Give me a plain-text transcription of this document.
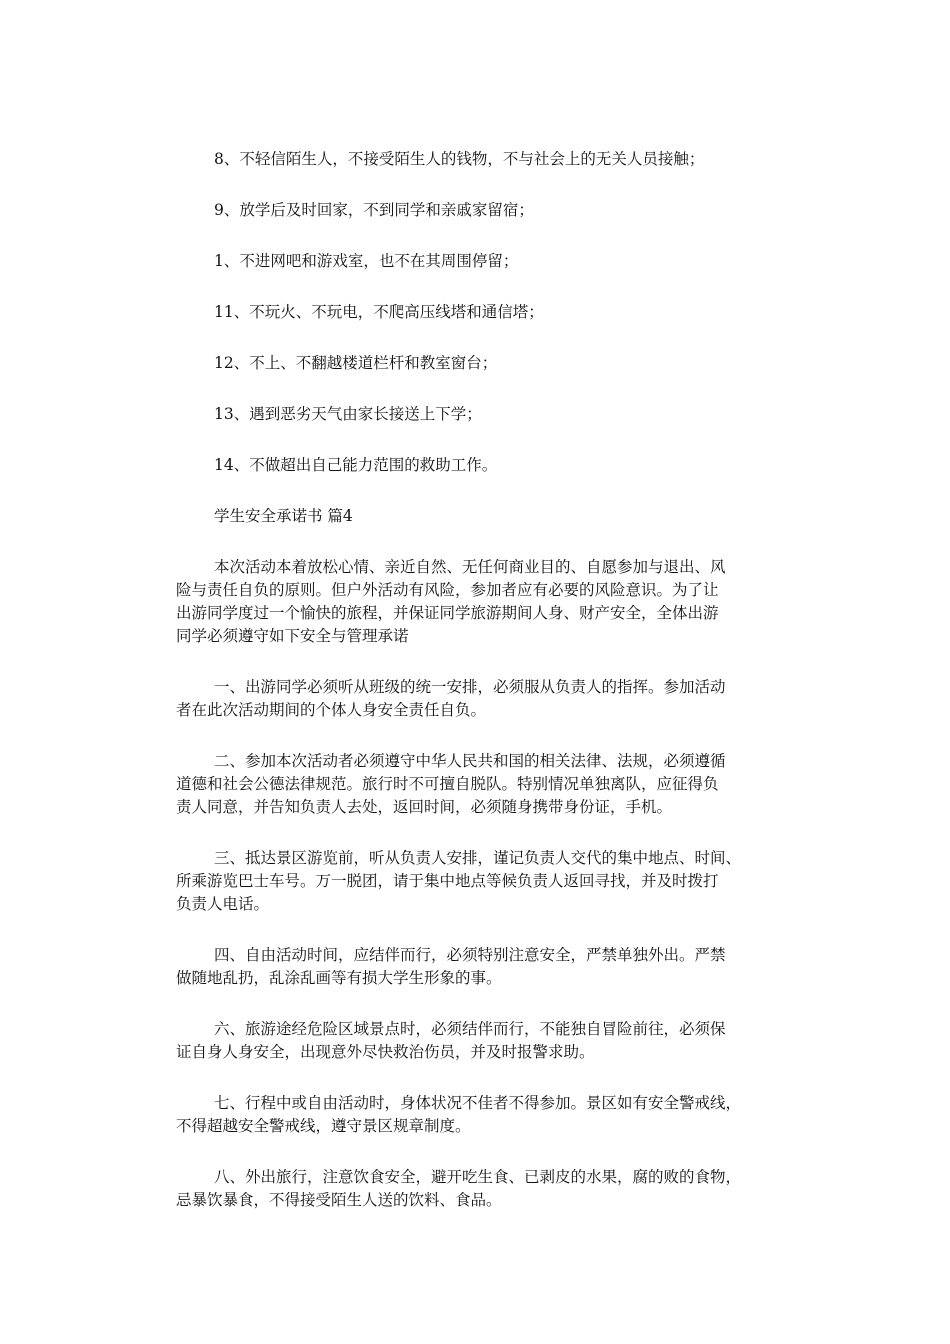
8、不轻信陌生人，不接受陌生人的钱物，不与社会上的无关人员接触；
9、放学后及时回家，不到同学和亲戚家留宿；
1、不进网吧和游戏室，也不在其周围停留；
11、不玩火、不玩电，不爬高压线塔和通信塔；
12、不上、不翻越楼道栏杆和教室窗台；
13、遇到恶劣天气由家长接送上下学；
14、不做超出自己能力范围的救助工作。
学生安全承诺书 篇4
本次活动本着放松心情、亲近自然、无任何商业目的、自愿参加与退出、风
险与责任自负的原则。但户外活动有风险，参加者应有必要的风险意识。为了让
出游同学度过一个愉快的旅程，并保证同学旅游期间人身、财产安全，全体出游
同学必须遵守如下安全与管理承诺
一、出游同学必须听从班级的统一安排，必须服从负责人的指挥。参加活动
者在此次活动期间的个体人身安全责任自负。
二、参加本次活动者必须遵守中华人民共和国的相关法律、法规，必须遵循
道德和社会公德法律规范。旅行时不可擅自脱队。特别情况单独离队，应征得负
责人同意，并告知负责人去处，返回时间，必须随身携带身份证，手机。
三、抵达景区游览前，听从负责人安排，谨记负责人交代的集中地点、时间、
所乘游览巴士车号。万一脱团，请于集中地点等候负责人返回寻找，并及时拨打
负责人电话。
四、自由活动时间，应结伴而行，必须特别注意安全，严禁单独外出。严禁
做随地乱扔，乱涂乱画等有损大学生形象的事。
六、旅游途经危险区域景点时，必须结伴而行，不能独自冒险前往，必须保
证自身人身安全，出现意外尽快救治伤员，并及时报警求助。
七、行程中或自由活动时，身体状况不佳者不得参加。景区如有安全警戒线，
不得超越安全警戒线，遵守景区规章制度。
八、外出旅行，注意饮食安全，避开吃生食、已剥皮的水果，腐的败的食物，
忌暴饮暴食，不得接受陌生人送的饮料、食品。
